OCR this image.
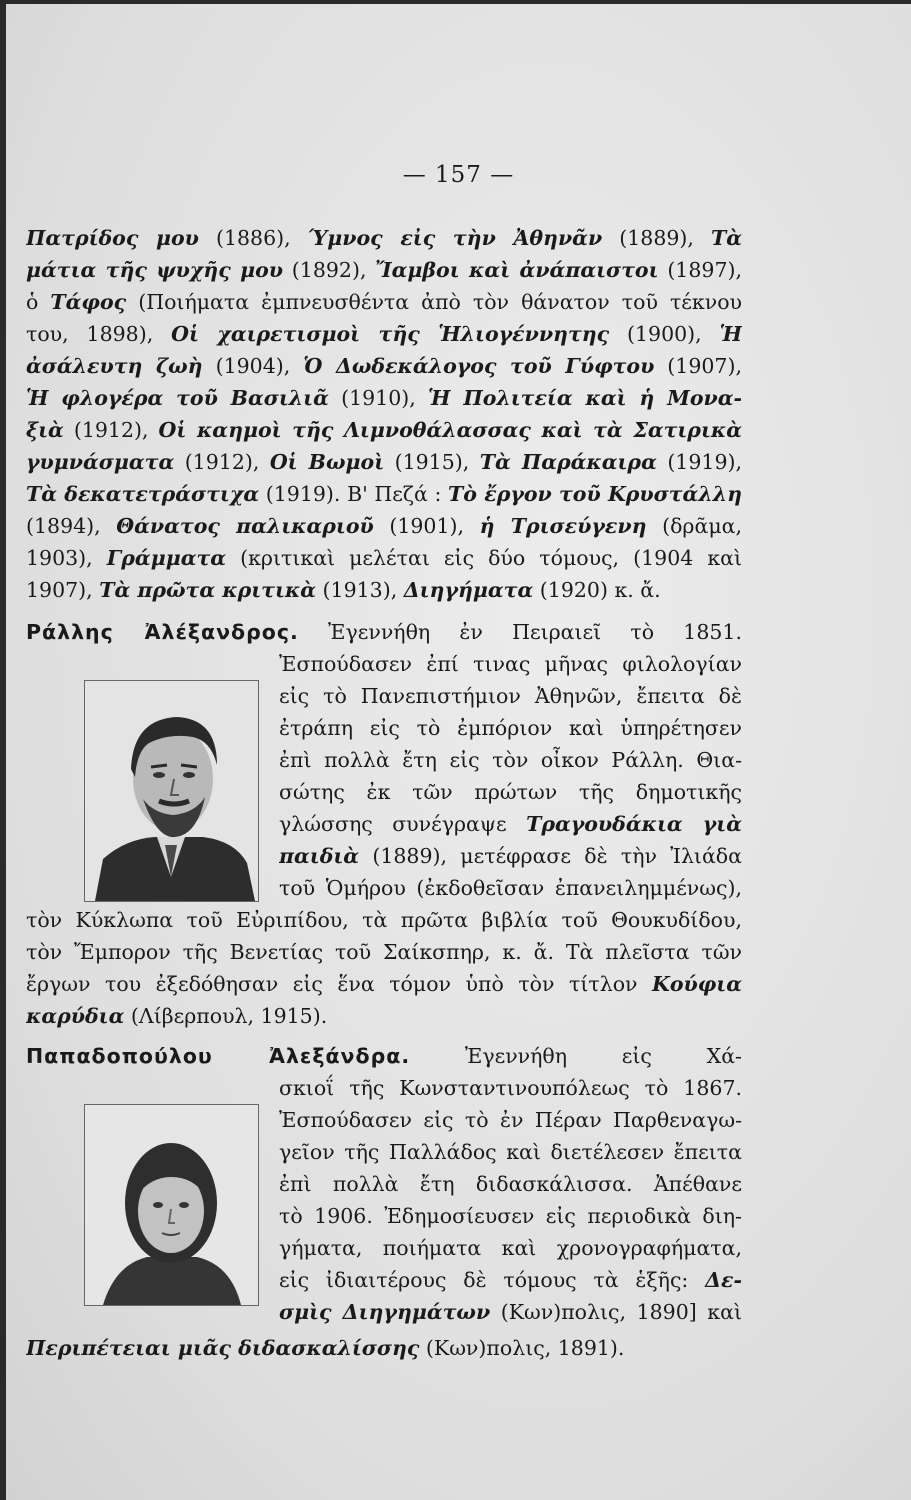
— 157 —
Πατρίδος μου (1886), Ύμνος εἰς τὴν Ἀθηνᾶν (1889), Τὰ
μάτια τῆς ψυχῆς μου (1892), Ἴαμβοι καὶ ἀνάπαιστοι (1897),
ὁ Τάφος (Ποιήματα ἐμπνευσθέντα ἀπὸ τὸν θάνατον τοῦ τέκνου
του, 1898), Οἱ χαιρετισμοὶ τῆς Ἡλιογέννητης (1900), Ἡ
ἀσάλευτη ζωὴ (1904), Ὁ Δωδεκάλογος τοῦ Γύφτου (1907),
Ἡ φλογέρα τοῦ Βασιλιᾶ (1910), Ἡ Πολιτεία καὶ ἡ Μονα-
ξιὰ (1912), Οἱ καημοὶ τῆς Λιμνοθάλασσας καὶ τὰ Σατιρικὰ
γυμνάσματα (1912), Οἱ Βωμοὶ (1915), Τὰ Παράκαιρα (1919),
Τὰ δεκατετράστιχα (1919). Β' Πεζά : Τὸ ἔργον τοῦ Κρυστάλλη
(1894), Θάνατος παλικαριοῦ (1901), ἡ Τρισεύγενη (δρᾶμα,
1903), Γράμματα (κριτικαὶ μελέται εἰς δύο τόμους, (1904 καὶ
1907), Τὰ πρῶτα κριτικὰ (1913), Διηγήματα (1920) κ. ἄ.
Ράλλης Ἀλέξανδρος. Ἐγεννήθη ἐν Πειραιεῖ τὸ 1851.
Ἐσπούδασεν ἐπί τινας μῆνας φιλολογίαν
εἰς τὸ Πανεπιστήμιον Ἀθηνῶν, ἔπειτα δὲ
ἐτράπη εἰς τὸ ἐμπόριον καὶ ὑπηρέτησεν
ἐπὶ πολλὰ ἔτη εἰς τὸν οἶκον Ράλλη. Θια-
σώτης ἐκ τῶν πρώτων τῆς δημοτικῆς
γλώσσης συνέγραψε Τραγουδάκια γιὰ
παιδιὰ (1889), μετέφρασε δὲ τὴν Ἰλιάδα
τοῦ Ὁμήρου (ἐκδοθεῖσαν ἐπανειλημμένως),
τὸν Κύκλωπα τοῦ Εὐριπίδου, τὰ πρῶτα βιβλία τοῦ Θουκυδίδου,
τὸν Ἔμπορον τῆς Βενετίας τοῦ Σαίκσπηρ, κ. ἄ. Τὰ πλεῖστα τῶν
ἔργων του ἐξεδόθησαν εἰς ἕνα τόμον ὑπὸ τὸν τίτλον Κούφια
καρύδια (Λίβερπουλ, 1915).
Παπαδοπούλου Ἀλεξάνδρα.	Ἐγεννήθη εἰς Χά-
σκιοΐ τῆς Κωνσταντινουπόλεως τὸ 1867.
Ἐσπούδασεν εἰς τὸ ἐν Πέραν Παρθεναγω-
γεῖον τῆς Παλλάδος καὶ διετέλεσεν ἔπειτα
ἐπὶ πολλὰ ἔτη διδασκάλισσα. Ἀπέθανε
τὸ 1906. Ἐδημοσίευσεν εἰς περιοδικὰ διη-
γήματα, ποιήματα καὶ χρονογραφήματα,
εἰς ἰδιαιτέρους δὲ τόμους τὰ ἑξῆς: Δε-
σμὶς Διηγημάτων (Κων)πολις, 1890] καὶ
Περιπέτειαι μιᾶς διδασκαλίσσης (Κων)πολις, 1891).
